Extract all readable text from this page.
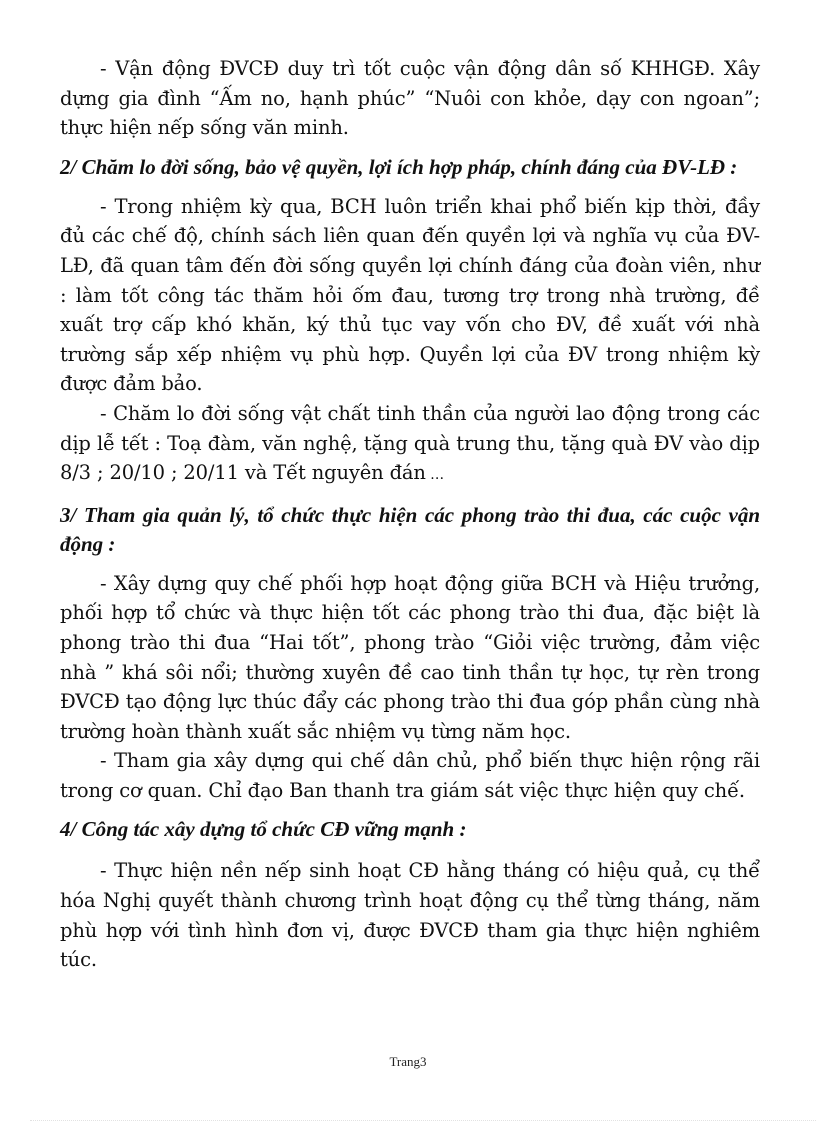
- Vận động ĐVCĐ duy trì tốt cuộc vận động dân số KHHGĐ. Xây dựng gia đình “Ấm no, hạnh phúc” “Nuôi con khỏe, dạy con ngoan”; thực hiện nếp sống văn minh.

2/ Chăm lo đời sống, bảo vệ quyền, lợi ích hợp pháp, chính đáng của ĐV-LĐ :

- Trong nhiệm kỳ qua, BCH luôn triển khai phổ biến kịp thời, đầy đủ các chế độ, chính sách liên quan đến quyền lợi và nghĩa vụ của ĐV-LĐ, đã quan tâm đến đời sống quyền lợi chính đáng của đoàn viên, như : làm tốt công tác thăm hỏi ốm đau, tương trợ trong nhà trường, đề xuất trợ cấp khó khăn, ký thủ tục vay vốn cho ĐV, đề xuất với nhà trường sắp xếp nhiệm vụ phù hợp. Quyền lợi của ĐV trong nhiệm kỳ được đảm bảo.

- Chăm lo đời sống vật chất tinh thần của người lao động trong các dịp lễ tết : Toạ đàm, văn nghệ, tặng quà trung thu, tặng quà ĐV vào dịp 8/3 ; 20/10 ; 20/11 và Tết nguyên đán …

3/ Tham gia quản lý, tổ chức thực hiện các phong trào thi đua, các cuộc vận động :

- Xây dựng quy chế phối hợp hoạt động giữa BCH và Hiệu trưởng, phối hợp tổ chức và thực hiện tốt các phong trào thi đua, đặc biệt là phong trào thi đua “Hai tốt”, phong trào “Giỏi việc trường, đảm việc nhà ” khá sôi nổi; thường xuyên đề cao tinh thần tự học, tự rèn trong ĐVCĐ tạo động lực thúc đẩy các phong trào thi đua góp phần cùng nhà trường hoàn thành xuất sắc nhiệm vụ từng năm học.

- Tham gia xây dựng qui chế dân chủ, phổ biến thực hiện rộng rãi trong cơ quan. Chỉ đạo Ban thanh tra giám sát việc thực hiện quy chế.

4/ Công tác xây dựng tổ chức CĐ vững mạnh :

- Thực hiện nền nếp sinh hoạt CĐ hằng tháng có hiệu quả, cụ thể hóa Nghị quyết thành chương trình hoạt động cụ thể từng tháng, năm phù hợp với tình hình đơn vị, được ĐVCĐ tham gia thực hiện nghiêm túc.

Trang3
